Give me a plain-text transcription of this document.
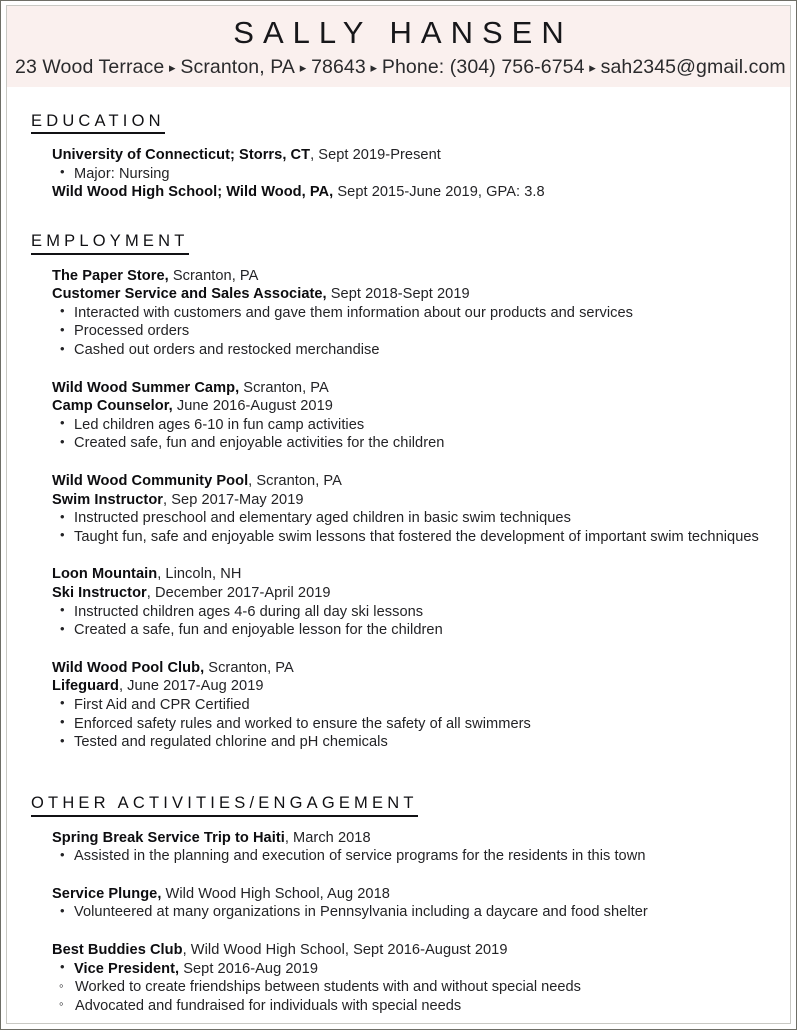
SALLY HANSEN
23 Wood Terrace ▸ Scranton, PA ▸ 78643 ▸ Phone: (304) 756-6754 ▸ sah2345@gmail.com
EDUCATION
University of Connecticut; Storrs, CT, Sept 2019-Present
• Major: Nursing
Wild Wood High School; Wild Wood, PA, Sept 2015-June 2019, GPA: 3.8
EMPLOYMENT
The Paper Store, Scranton, PA
Customer Service and Sales Associate, Sept 2018-Sept 2019
• Interacted with customers and gave them information about our products and services
• Processed orders
• Cashed out orders and restocked merchandise
Wild Wood Summer Camp, Scranton, PA
Camp Counselor, June 2016-August 2019
• Led children ages 6-10 in fun camp activities
• Created safe, fun and enjoyable activities for the children
Wild Wood Community Pool, Scranton, PA
Swim Instructor, Sep 2017-May 2019
• Instructed preschool and elementary aged children in basic swim techniques
• Taught fun, safe and enjoyable swim lessons that fostered the development of important swim techniques
Loon Mountain, Lincoln, NH
Ski Instructor, December 2017-April 2019
• Instructed children ages 4-6 during all day ski lessons
• Created a safe, fun and enjoyable lesson for the children
Wild Wood Pool Club, Scranton, PA
Lifeguard, June 2017-Aug 2019
• First Aid and CPR Certified
• Enforced safety rules and worked to ensure the safety of all swimmers
• Tested and regulated chlorine and pH chemicals
OTHER ACTIVITIES/ENGAGEMENT
Spring Break Service Trip to Haiti, March 2018
• Assisted in the planning and execution of service programs for the residents in this town
Service Plunge, Wild Wood High School, Aug 2018
• Volunteered at many organizations in Pennsylvania including a daycare and food shelter
Best Buddies Club, Wild Wood High School, Sept 2016-August 2019
• Vice President, Sept 2016-Aug 2019
◦ Worked to create friendships between students with and without special needs
◦ Advocated and fundraised for individuals with special needs
